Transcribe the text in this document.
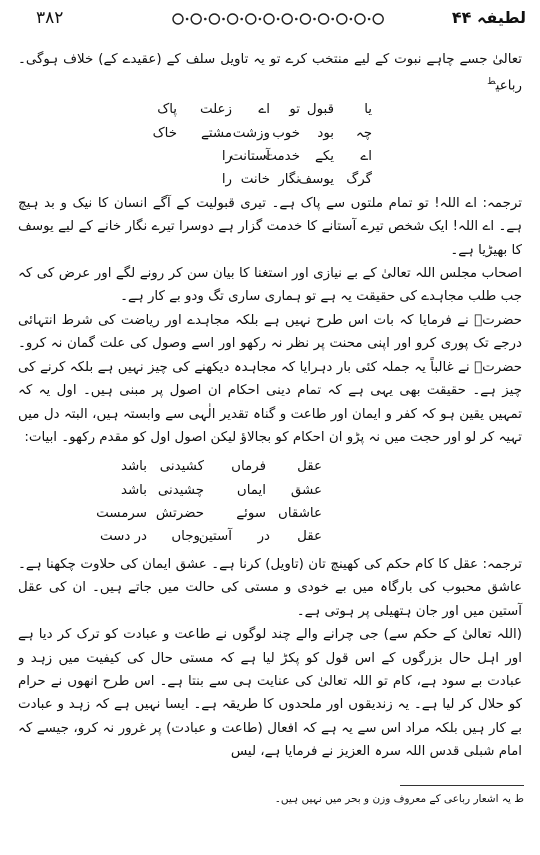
۳۸۲	لطیفہ ۴۴

تعالیٰ جسے چاہے نبوت کے لیے منتخب کرے تو یہ تاویل سلف کے (عقیدے کے) خلاف ہوگی۔ رباعی$^ط$

یا
قبول
تو
اے
زعلت
پاک
چہ
بود
خوب
وزشت
مشتے
خاک
اے
یکے
خدمت
آستانت
را
گرگ
یوسف
نگار
خانت
را

ترجمہ: اے اللہ! تو تمام ملتوں سے پاک ہے۔ تیری قبولیت کے آگے انسان کا نیک و بد ہیچ ہے۔ اے اللہ! ایک شخص تیرے آستانے کا خدمت گزار ہے دوسرا تیرے نگار خانے کے لیے یوسف کا بھیڑیا ہے۔

اصحاب مجلس اللہ تعالیٰ کے بے نیازی اور استغنا کا بیان سن کر رونے لگے اور عرض کی کہ جب طلب مجاہدے کی حقیقت یہ ہے تو ہماری ساری تگ ودو بے کار ہے۔

حضرتؒ نے فرمایا کہ بات اس طرح نہیں ہے بلکہ مجاہدے اور ریاضت کی شرط انتہائی درجے تک پوری کرو اور اپنی محنت پر نظر نہ رکھو اور اسے وصول کی علت گمان نہ کرو۔ حضرتؒ نے غالباً یہ جملہ کئی بار دہرایا کہ مجاہدہ دیکھنے کی چیز نہیں ہے بلکہ کرنے کی چیز ہے۔ حقیقت بھی یہی ہے کہ تمام دینی احکام ان اصول پر مبنی ہیں۔ اول یہ کہ تمہیں یقین ہو کہ کفر و ایمان اور طاعت و گناہ تقدیر الٰہی سے وابستہ ہیں، البتہ دل میں تہیہ کر لو اور حجت میں نہ پڑو ان احکام کو بجالاؤ لیکن اصول اول کو مقدم رکھو۔ ابیات:

عقل
فرماں
کشیدنی
باشد
عشق
ایماں
چشیدنی
باشد
عاشقاں
سوئے
حضرتش
سرمست
عقل
در
آستین
وجاں
در دست

ترجمہ: عقل کا کام حکم کی کھینچ تان (تاویل) کرنا ہے۔ عشق ایمان کی حلاوت چکھنا ہے۔ عاشق محبوب کی بارگاہ میں بے خودی و مستی کی حالت میں جاتے ہیں۔ ان کی عقل آستین میں اور جان ہتھیلی پر ہوتی ہے۔

(اللہ تعالیٰ کے حکم سے) جی چرانے والے چند لوگوں نے طاعت و عبادت کو ترک کر دیا ہے اور اہل حال بزرگوں کے اس قول کو پکڑ لیا ہے کہ مستی حال کی کیفیت میں زہد و عبادت بے سود ہے، کام تو اللہ تعالیٰ کی عنایت ہی سے بنتا ہے۔ اس طرح انھوں نے حرام کو حلال کر لیا ہے۔ یہ زندیقوں اور ملحدوں کا طریقہ ہے۔ ایسا نہیں ہے کہ زہد و عبادت بے کار ہیں بلکہ مراد اس سے یہ ہے کہ افعال (طاعت و عبادت) پر غرور نہ کرو، جیسے کہ امام شبلی قدس اللہ سرہ العزیز نے فرمایا ہے، لیس

ط یہ اشعار رباعی کے معروف وزن و بحر میں نہیں ہیں۔
